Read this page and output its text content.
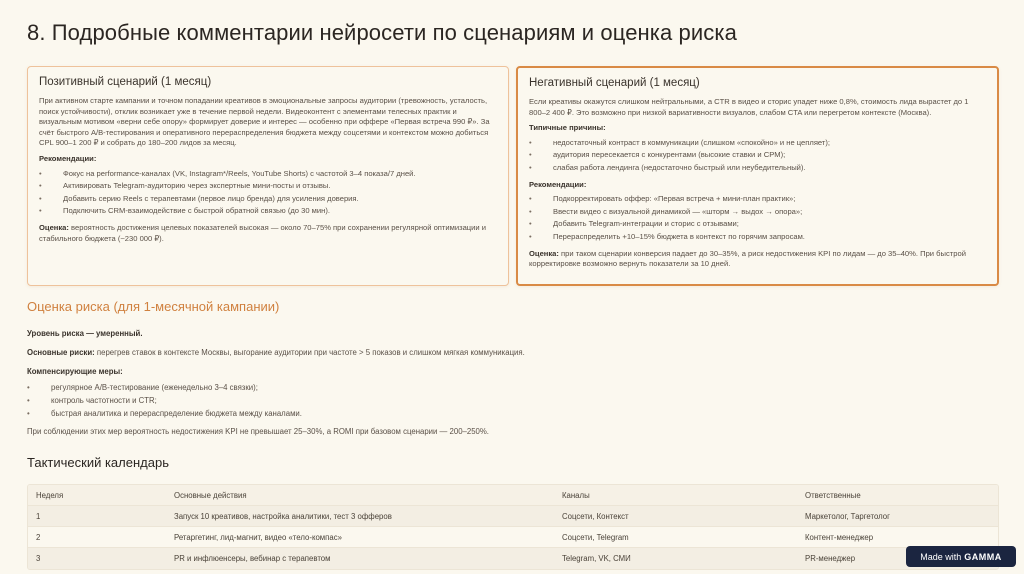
8. Подробные комментарии нейросети по сценариям и оценка риска
Позитивный сценарий (1 месяц)
При активном старте кампании и точном попадании креативов в эмоциональные запросы аудитории (тревожность, усталость, поиск устойчивости), отклик возникает уже в течение первой недели. Видеоконтент с элементами телесных практик и визуальным мотивом «верни себе опору» формирует доверие и интерес — особенно при оффере «Первая встреча 990 ₽». За счёт быстрого A/B-тестирования и оперативного перераспределения бюджета между соцсетями и контекстом можно добиться CPL 900–1 200 ₽ и собрать до 180–200 лидов за месяц.
Рекомендации:
• Фокус на performance-каналах (VK, Instagram*/Reels, YouTube Shorts) с частотой 3–4 показа/7 дней.
• Активировать Telegram-аудиторию через экспертные мини-посты и отзывы.
• Добавить серию Reels с терапевтами (первое лицо бренда) для усиления доверия.
• Подключить CRM-взаимодействие с быстрой обратной связью (до 30 мин).
Оценка: вероятность достижения целевых показателей высокая — около 70–75% при сохранении регулярной оптимизации и стабильного бюджета (~230 000 ₽).
Негативный сценарий (1 месяц)
Если креативы окажутся слишком нейтральными, а CTR в видео и сторис упадет ниже 0,8%, стоимость лида вырастет до 1 800–2 400 ₽. Это возможно при низкой вариативности визуалов, слабом CTA или перегретом контексте (Москва).
Типичные причины:
• недостаточный контраст в коммуникации (слишком «спокойно» и не цепляет);
• аудитория пересекается с конкурентами (высокие ставки и CPM);
• слабая работа лендинга (недостаточно быстрый или неубедительный).
Рекомендации:
• Подкорректировать оффер: «Первая встреча + мини-план практик»;
• Ввести видео с визуальной динамикой — «шторм → выдох → опора»;
• Добавить Telegram-интеграции и сторис с отзывами;
• Перераспределить +10–15% бюджета в контекст по горячим запросам.
Оценка: при таком сценарии конверсия падает до 30–35%, а риск недостижения KPI по лидам — до 35–40%. При быстрой корректировке возможно вернуть показатели за 10 дней.
Оценка риска (для 1-месячной кампании)
Уровень риска — умеренный.
Основные риски: перегрев ставок в контексте Москвы, выгорание аудитории при частоте > 5 показов и слишком мягкая коммуникация.
Компенсирующие меры:
• регулярное A/B-тестирование (еженедельно 3–4 связки);
• контроль частотности и CTR;
• быстрая аналитика и перераспределение бюджета между каналами.
При соблюдении этих мер вероятность недостижения KPI не превышает 25–30%, а ROMI при базовом сценарии — 200–250%.
Тактический календарь
Неделя	Основные действия	Каналы	Ответственные
1	Запуск 10 креативов, настройка аналитики, тест 3 офферов	Соцсети, Контекст	Маркетолог, Таргетолог
2	Ретаргетинг, лид-магнит, видео «тело-компас»	Соцсети, Telegram	Контент-менеджер
3	PR и инфлюенсеры, вебинар с терапевтом	Telegram, VK, СМИ	PR-менеджер	Made with GAMMA
